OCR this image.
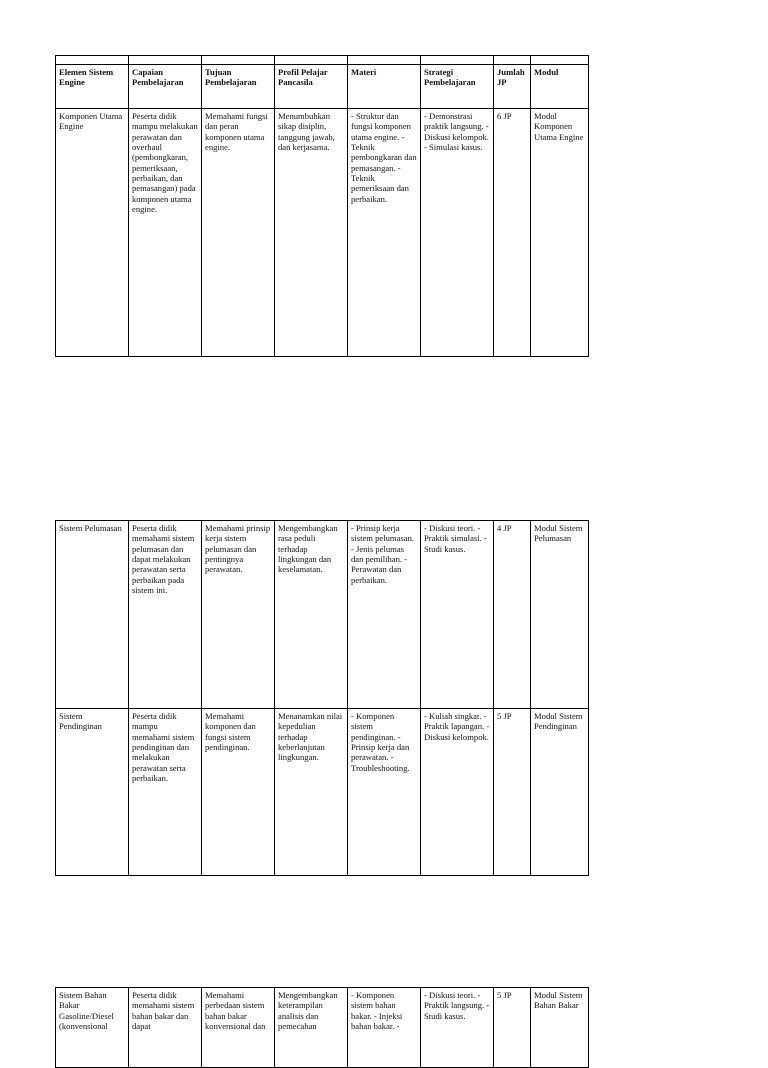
Elemen Sistem Engine	Capaian Pembelajaran	Tujuan Pembelajaran	Profil Pelajar Pancasila	Materi	Strategi Pembelajaran	Jumlah JP	Modul
Komponen Utama Engine	Peserta didik mampu melakukan perawatan dan overhaul (pembongkaran, pemeriksaan, perbaikan, dan pemasangan) pada komponen utama engine.	Memahami fungsi dan peran komponen utama engine.	Menumbuhkan sikap disiplin, tanggung jawab, dan kerjasama.	- Struktur dan fungsi komponen utama engine. - Teknik pembongkaran dan pemasangan. - Teknik pemeriksaan dan perbaikan.	- Demonstrasi praktik langsung. - Diskusi kelompok. - Simulasi kasus.	6 JP	Modul Komponen Utama Engine
Sistem Pelumasan	Peserta didik memahami sistem pelumasan dan dapat melakukan perawatan serta perbaikan pada sistem ini.	Memahami prinsip kerja sistem pelumasan dan pentingnya perawatan.	Mengembangkan rasa peduli terhadap lingkungan dan keselamatan.	- Prinsip kerja sistem pelumasan. - Jenis pelumas dan pemilihan. - Perawatan dan perbaikan.	- Diskusi teori. - Praktik simulasi. - Studi kasus.	4 JP	Modul Sistem Pelumasan
Sistem Pendinginan	Peserta didik mampu memahami sistem pendinginan dan melakukan perawatan serta perbaikan.	Memahami komponen dan fungsi sistem pendinginan.	Menanamkan nilai kepedulian terhadap keberlanjutan lingkungan.	- Komponen sistem pendinginan. - Prinsip kerja dan perawatan. - Troubleshooting.	- Kuliah singkat. - Praktik lapangan. - Diskusi kelompok.	5 JP	Modul Sistem Pendinginan
Sistem Bahan Bakar Gasoline/Diesel (konvensional	Peserta didik memahami sistem bahan bakar dan dapat	Memahami perbedaan sistem bahan bakar konvensional dan	Mengembangkan keterampilan analisis dan pemecahan	- Komponen sistem bahan bakar. - Injeksi bahan bakar. -	- Diskusi teori. - Praktik langsung. - Studi kasus.	5 JP	Modul Sistem Bahan Bakar
